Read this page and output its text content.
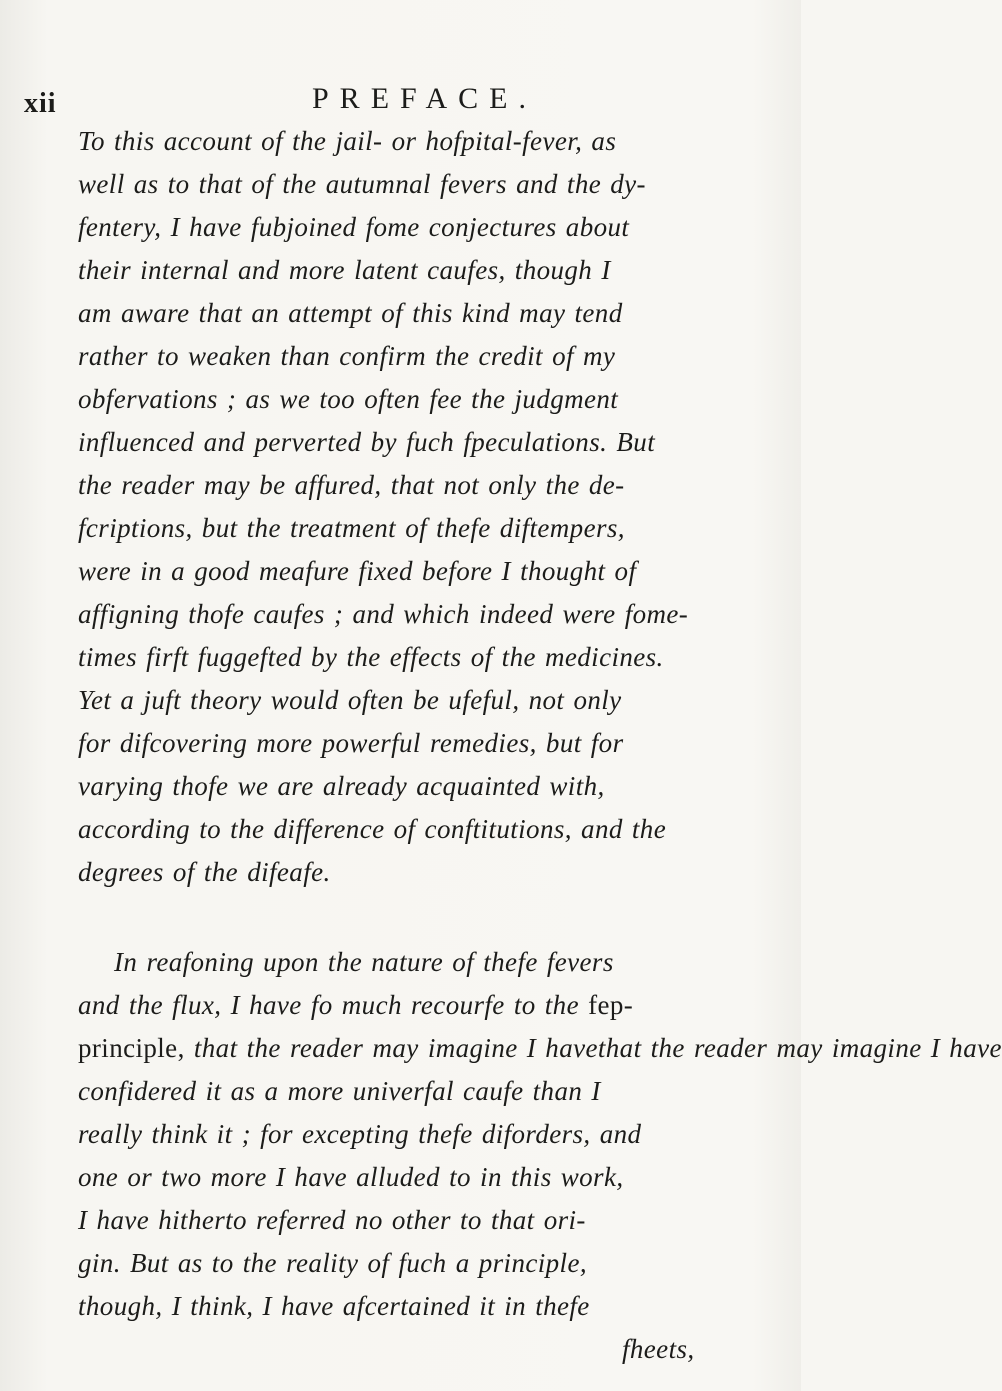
xii	PREFACE.
To this account of the jail- or hofpital-fever, as
well as to that of the autumnal fevers and the dy-
fentery, I have fubjoined fome conjectures about
their internal and more latent caufes, though I
am aware that an attempt of this kind may tend
rather to weaken than confirm the credit of my
obfervations ; as we too often fee the judgment
influenced and perverted by fuch fpeculations. But
the reader may be affured, that not only the de-
fcriptions, but the treatment of thefe diftempers,
were in a good meafure fixed before I thought of
affigning thofe caufes ; and which indeed were fome-
times firft fuggefted by the effects of the medicines.
Yet a juft theory would often be ufeful, not only
for difcovering more powerful remedies, but for
varying thofe we are already acquainted with,
according to the difference of conftitutions, and the
degrees of the difeafe.
In reafoning upon the nature of thefe fevers
and the flux, I have fo much recourfe to the fep-
principle, that the reader may imagine I havethat the reader may imagine I have
confidered it as a more univerfal caufe than I
really think it ; for excepting thefe diforders, and
one or two more I have alluded to in this work,
I have hitherto referred no other to that ori-
gin. But as to the reality of fuch a principle,
though, I think, I have afcertained it in thefe
fheets,
